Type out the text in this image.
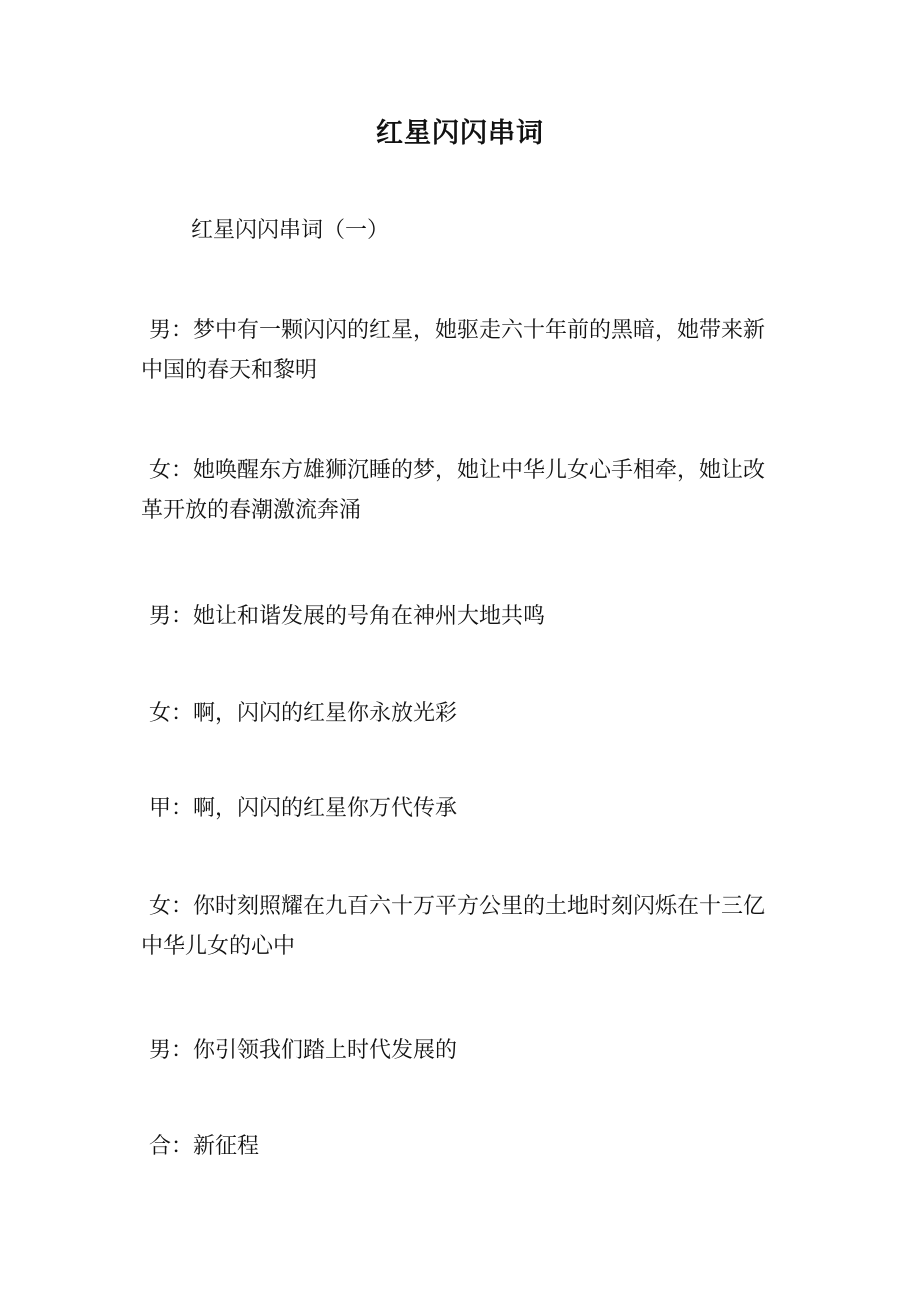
红星闪闪串词

红星闪闪串词（一）

男：梦中有一颗闪闪的红星，她驱走六十年前的黑暗，她带来新中国的春天和黎明

女：她唤醒东方雄狮沉睡的梦，她让中华儿女心手相牵，她让改革开放的春潮激流奔涌

男：她让和谐发展的号角在神州大地共鸣

女：啊，闪闪的红星你永放光彩

甲：啊，闪闪的红星你万代传承

女：你时刻照耀在九百六十万平方公里的土地时刻闪烁在十三亿中华儿女的心中

男：你引领我们踏上时代发展的

合：新征程
